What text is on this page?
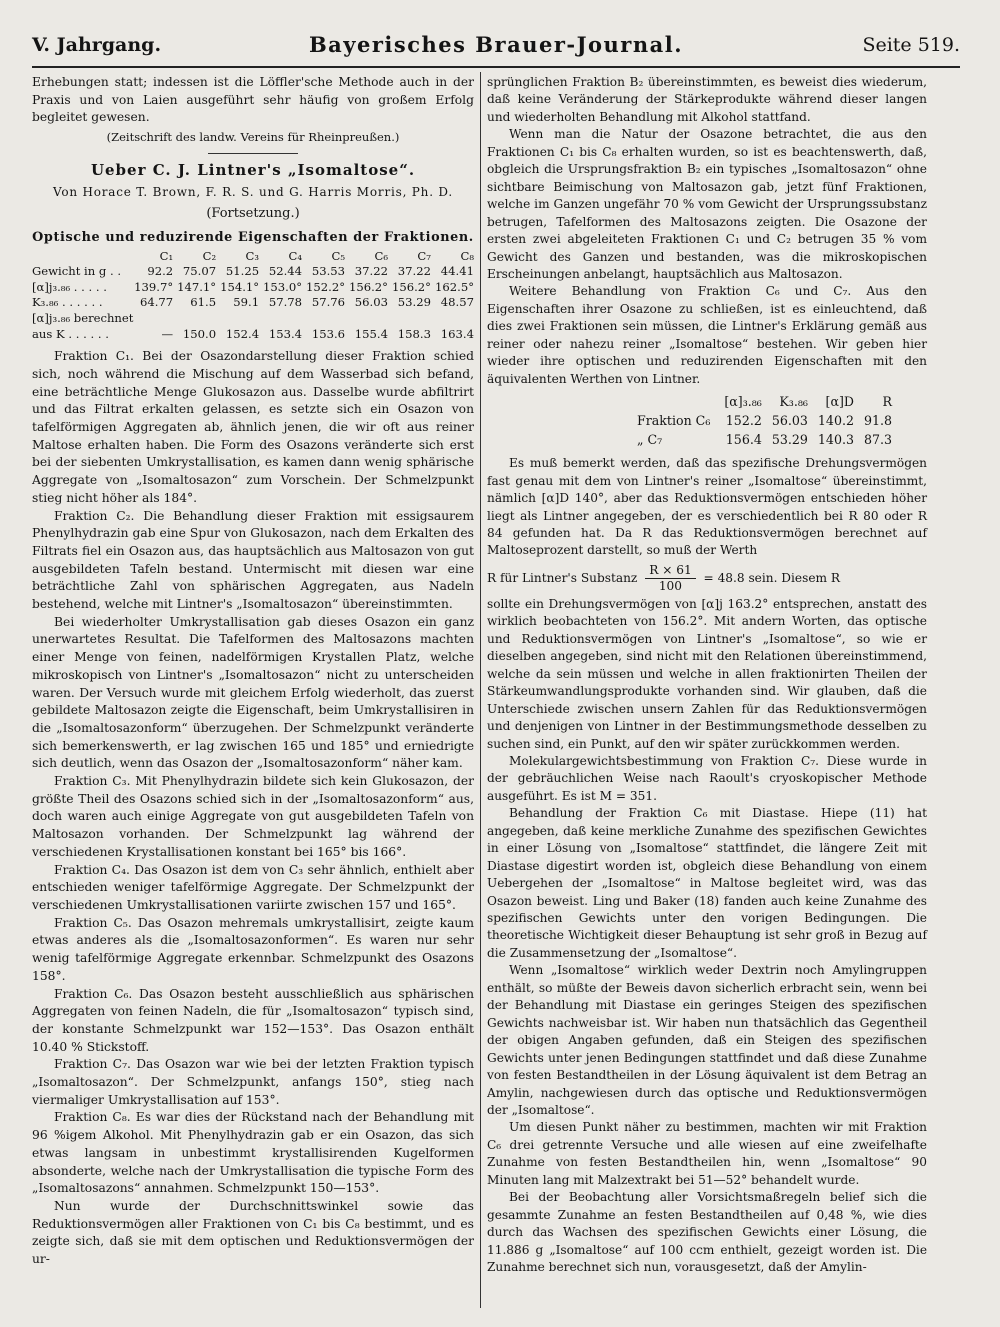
V. Jahrgang.	Bayerisches Brauer-Journal.	Seite 519.

Erhebungen statt; indessen ist die Löffler'sche Methode auch in der Praxis und von Laien ausgeführt sehr häufig von großem Erfolg begleitet gewesen.

(Zeitschrift des landw. Vereins für Rheinpreußen.)

Ueber C. J. Lintner's „Isomaltose“.
Von Horace T. Brown, F. R. S. und G. Harris Morris, Ph. D.
(Fortsetzung.)
Optische und reduzirende Eigenschaften der Fraktionen.
	C₁	C₂	C₃	C₄	C₅	C₆	C₇	C₈
Gewicht in g . .	92.2	75.07	51.25	52.44	53.53	37.22	37.22	44.41
[α]j₃.₈₆ . . . . .	139.7°	147.1°	154.1°	153.0°	152.2°	156.2°	156.2°	162.5°
K₃.₈₆ . . . . . .	64.77	61.5	59.1	57.78	57.76	56.03	53.29	48.57
[α]j₃.₈₆ berechnet								
aus K . . . . . .	—	150.0	152.4	153.4	153.6	155.4	158.3	163.4

Fraktion C₁. Bei der Osazondarstellung dieser Fraktion schied sich, noch während die Mischung auf dem Wasserbad sich befand, eine beträchtliche Menge Glukosazon aus. Dasselbe wurde abfiltrirt und das Filtrat erkalten gelassen, es setzte sich ein Osazon von tafelförmigen Aggregaten ab, ähnlich jenen, die wir oft aus reiner Maltose erhalten haben. Die Form des Osazons veränderte sich erst bei der siebenten Umkrystallisation, es kamen dann wenig sphärische Aggregate von „Isomaltosazon“ zum Vorschein. Der Schmelzpunkt stieg nicht höher als 184°.

Fraktion C₂. Die Behandlung dieser Fraktion mit essigsaurem Phenylhydrazin gab eine Spur von Glukosazon, nach dem Erkalten des Filtrats fiel ein Osazon aus, das hauptsächlich aus Maltosazon von gut ausgebildeten Tafeln bestand. Untermischt mit diesen war eine beträchtliche Zahl von sphärischen Aggregaten, aus Nadeln bestehend, welche mit Lintner's „Isomaltosazon“ übereinstimmten.

Bei wiederholter Umkrystallisation gab dieses Osazon ein ganz unerwartetes Resultat. Die Tafelformen des Maltosazons machten einer Menge von feinen, nadelförmigen Krystallen Platz, welche mikroskopisch von Lintner's „Isomaltosazon“ nicht zu unterscheiden waren. Der Versuch wurde mit gleichem Erfolg wiederholt, das zuerst gebildete Maltosazon zeigte die Eigenschaft, beim Umkrystallisiren in die „Isomaltosazonform“ überzugehen. Der Schmelzpunkt veränderte sich bemerkenswerth, er lag zwischen 165 und 185° und erniedrigte sich deutlich, wenn das Osazon der „Isomaltosazonform“ näher kam.

Fraktion C₃. Mit Phenylhydrazin bildete sich kein Glukosazon, der größte Theil des Osazons schied sich in der „Isomaltosazonform“ aus, doch waren auch einige Aggregate von gut ausgebildeten Tafeln von Maltosazon vorhanden. Der Schmelzpunkt lag während der verschiedenen Krystallisationen konstant bei 165° bis 166°.

Fraktion C₄. Das Osazon ist dem von C₃ sehr ähnlich, enthielt aber entschieden weniger tafelförmige Aggregate. Der Schmelzpunkt der verschiedenen Umkrystallisationen variirte zwischen 157 und 165°.

Fraktion C₅. Das Osazon mehremals umkrystallisirt, zeigte kaum etwas anderes als die „Isomaltosazonformen“. Es waren nur sehr wenig tafelförmige Aggregate erkennbar. Schmelzpunkt des Osazons 158°.

Fraktion C₆. Das Osazon besteht ausschließlich aus sphärischen Aggregaten von feinen Nadeln, die für „Isomaltosazon“ typisch sind, der konstante Schmelzpunkt war 152—153°. Das Osazon enthält 10.40 % Stickstoff.

Fraktion C₇. Das Osazon war wie bei der letzten Fraktion typisch „Isomaltosazon“. Der Schmelzpunkt, anfangs 150°, stieg nach viermaliger Umkrystallisation auf 153°.

Fraktion C₈. Es war dies der Rückstand nach der Behandlung mit 96 %igem Alkohol. Mit Phenylhydrazin gab er ein Osazon, das sich etwas langsam in unbestimmt krystallisirenden Kugelformen absonderte, welche nach der Umkrystallisation die typische Form des „Isomaltosazons“ annahmen. Schmelzpunkt 150—153°.

Nun wurde der Durchschnittswinkel sowie das Reduktionsvermögen aller Fraktionen von C₁ bis C₈ bestimmt, und es zeigte sich, daß sie mit dem optischen und Reduktionsvermögen der ur-

sprünglichen Fraktion B₂ übereinstimmten, es beweist dies wiederum, daß keine Veränderung der Stärkeprodukte während dieser langen und wiederholten Behandlung mit Alkohol stattfand.

Wenn man die Natur der Osazone betrachtet, die aus den Fraktionen C₁ bis C₈ erhalten wurden, so ist es beachtenswerth, daß, obgleich die Ursprungsfraktion B₂ ein typisches „Isomaltosazon“ ohne sichtbare Beimischung von Maltosazon gab, jetzt fünf Fraktionen, welche im Ganzen ungefähr 70 % vom Gewicht der Ursprungssubstanz betrugen, Tafelformen des Maltosazons zeigten. Die Osazone der ersten zwei abgeleiteten Fraktionen C₁ und C₂ betrugen 35 % vom Gewicht des Ganzen und bestanden, was die mikroskopischen Erscheinungen anbelangt, hauptsächlich aus Maltosazon.

Weitere Behandlung von Fraktion C₆ und C₇. Aus den Eigenschaften ihrer Osazone zu schließen, ist es einleuchtend, daß dies zwei Fraktionen sein müssen, die Lintner's Erklärung gemäß aus reiner oder nahezu reiner „Isomaltose“ bestehen. Wir geben hier wieder ihre optischen und reduzirenden Eigenschaften mit den äquivalenten Werthen von Lintner.

	[α]₃.₈₆	K₃.₈₆	[α]D	R
Fraktion C₆	152.2	56.03	140.2	91.8
„ C₇	156.4	53.29	140.3	87.3

Es muß bemerkt werden, daß das spezifische Drehungsvermögen fast genau mit dem von Lintner's reiner „Isomaltose“ übereinstimmt, nämlich [α]D 140°, aber das Reduktionsvermögen entschieden höher liegt als Lintner angegeben, der es verschiedentlich bei R 80 oder R 84 gefunden hat. Da R das Reduktionsvermögen berechnet auf Maltoseprozent darstellt, so muß der Werth

R für Lintner's Substanz $\frac{R \times 61}{100} = 48.8$ sein. Diesem R

sollte ein Drehungsvermögen von [α]j 163.2° entsprechen, anstatt des wirklich beobachteten von 156.2°. Mit andern Worten, das optische und Reduktionsvermögen von Lintner's „Isomaltose“, so wie er dieselben angegeben, sind nicht mit den Relationen übereinstimmend, welche da sein müssen und welche in allen fraktionirten Theilen der Stärkeumwandlungsprodukte vorhanden sind. Wir glauben, daß die Unterschiede zwischen unsern Zahlen für das Reduktionsvermögen und denjenigen von Lintner in der Bestimmungsmethode desselben zu suchen sind, ein Punkt, auf den wir später zurückkommen werden.

Molekulargewichtsbestimmung von Fraktion C₇. Diese wurde in der gebräuchlichen Weise nach Raoult's cryoskopischer Methode ausgeführt. Es ist M = 351.

Behandlung der Fraktion C₆ mit Diastase. Hiepe (11) hat angegeben, daß keine merkliche Zunahme des spezifischen Gewichtes in einer Lösung von „Isomaltose“ stattfindet, die längere Zeit mit Diastase digestirt worden ist, obgleich diese Behandlung von einem Uebergehen der „Isomaltose“ in Maltose begleitet wird, was das Osazon beweist. Ling und Baker (18) fanden auch keine Zunahme des spezifischen Gewichts unter den vorigen Bedingungen. Die theoretische Wichtigkeit dieser Behauptung ist sehr groß in Bezug auf die Zusammensetzung der „Isomaltose“.

Wenn „Isomaltose“ wirklich weder Dextrin noch Amylingruppen enthält, so müßte der Beweis davon sicherlich erbracht sein, wenn bei der Behandlung mit Diastase ein geringes Steigen des spezifischen Gewichts nachweisbar ist. Wir haben nun thatsächlich das Gegentheil der obigen Angaben gefunden, daß ein Steigen des spezifischen Gewichts unter jenen Bedingungen stattfindet und daß diese Zunahme von festen Bestandtheilen in der Lösung äquivalent ist dem Betrag an Amylin, nachgewiesen durch das optische und Reduktionsvermögen der „Isomaltose“.

Um diesen Punkt näher zu bestimmen, machten wir mit Fraktion C₆ drei getrennte Versuche und alle wiesen auf eine zweifelhafte Zunahme von festen Bestandtheilen hin, wenn „Isomaltose“ 90 Minuten lang mit Malzextrakt bei 51—52° behandelt wurde.

Bei der Beobachtung aller Vorsichtsmaßregeln belief sich die gesammte Zunahme an festen Bestandtheilen auf 0,48 %, wie dies durch das Wachsen des spezifischen Gewichts einer Lösung, die 11.886 g „Isomaltose“ auf 100 ccm enthielt, gezeigt worden ist. Die Zunahme berechnet sich nun, vorausgesetzt, daß der Amylin-
